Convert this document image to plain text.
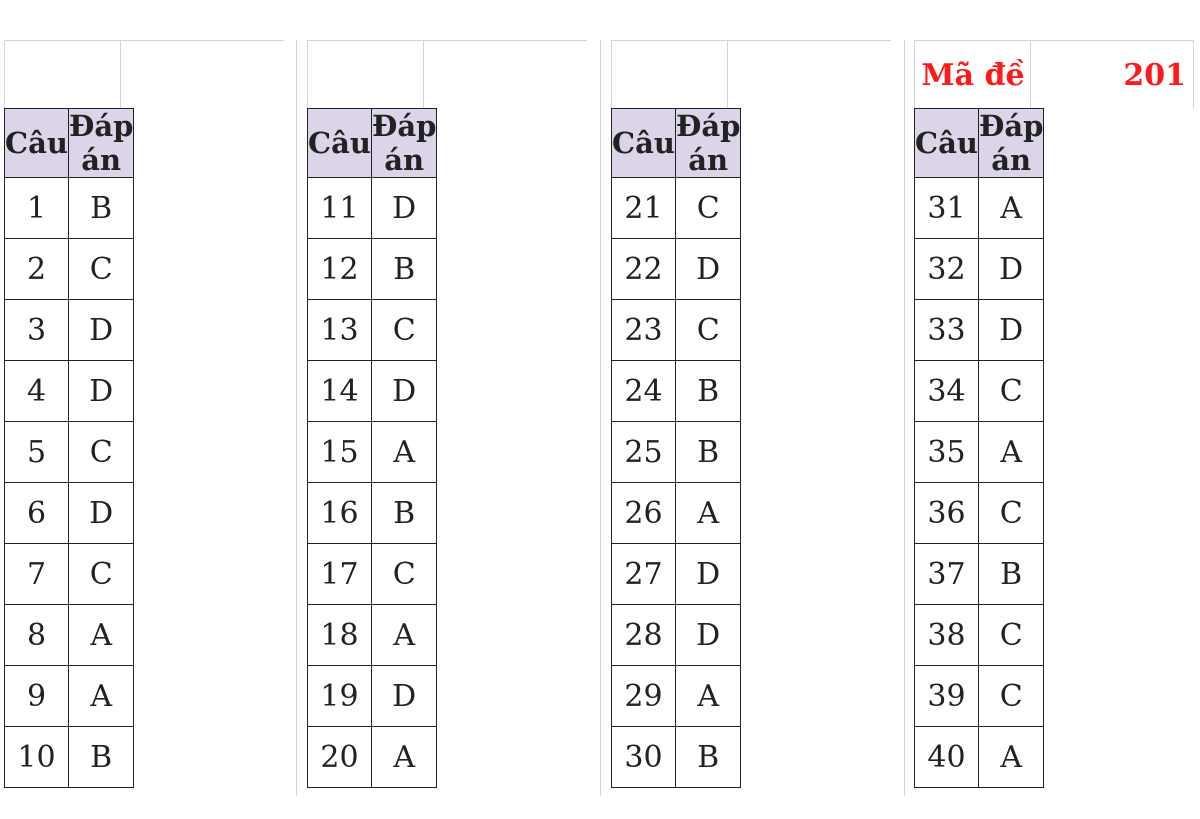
Câu	Đáp án
1	B
2	C
3	D
4	D
5	C
6	D
7	C
8	A
9	A
10	B
Câu	Đáp án
11	D
12	B
13	C
14	D
15	A
16	B
17	C
18	A
19	D
20	A
Câu	Đáp án
21	C
22	D
23	C
24	B
25	B
26	A
27	D
28	D
29	A
30	B
Câu	Đáp án
31	A
32	D
33	D
34	C
35	A
36	C
37	B
38	C
39	C
40	A
Mã đề	201
